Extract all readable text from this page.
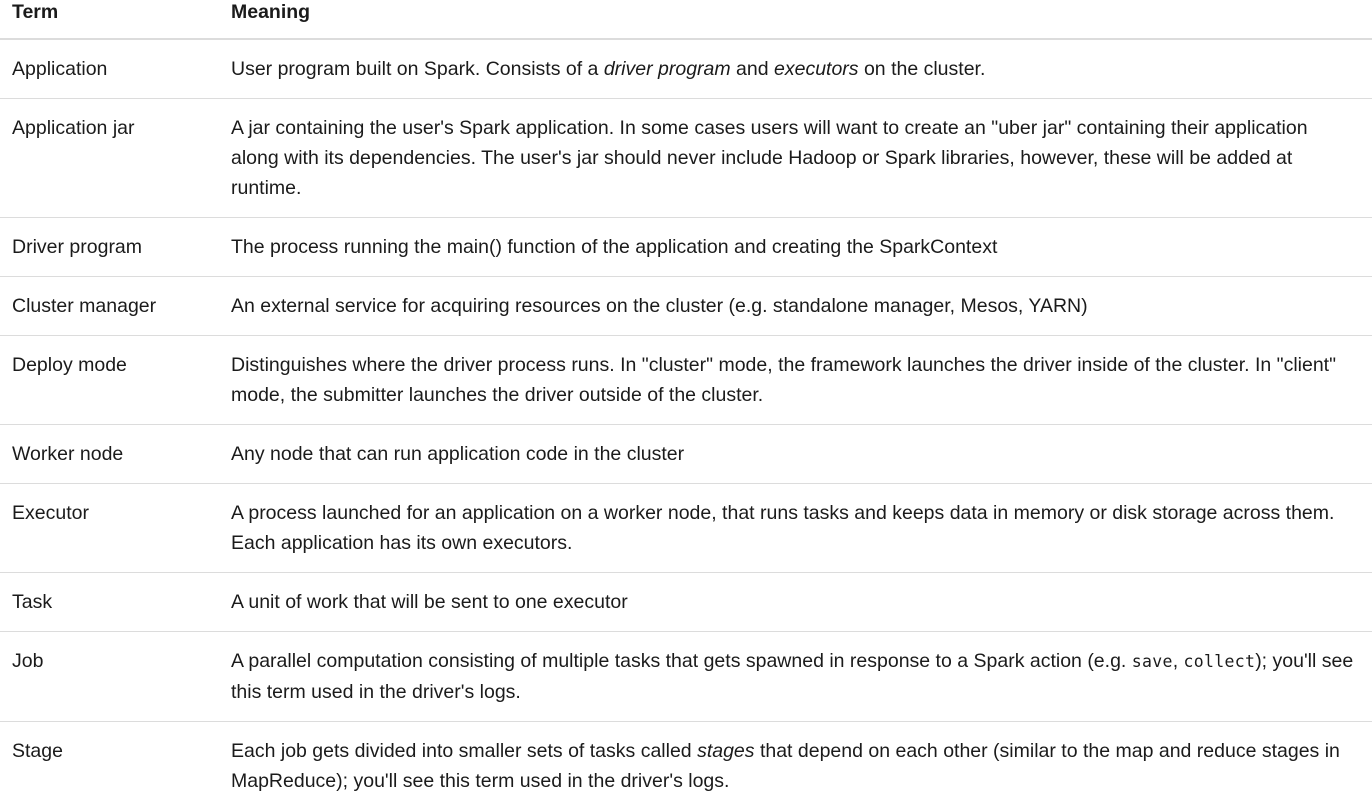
Term	Meaning
Application	User program built on Spark. Consists of a driver program and executors on the cluster.
Application jar	A jar containing the user's Spark application. In some cases users will want to create an "uber jar" containing their application along with its dependencies. The user's jar should never include Hadoop or Spark libraries, however, these will be added at runtime.
Driver program	The process running the main() function of the application and creating the SparkContext
Cluster manager	An external service for acquiring resources on the cluster (e.g. standalone manager, Mesos, YARN)
Deploy mode	Distinguishes where the driver process runs. In "cluster" mode, the framework launches the driver inside of the cluster. In "client" mode, the submitter launches the driver outside of the cluster.
Worker node	Any node that can run application code in the cluster
Executor	A process launched for an application on a worker node, that runs tasks and keeps data in memory or disk storage across them. Each application has its own executors.
Task	A unit of work that will be sent to one executor
Job	A parallel computation consisting of multiple tasks that gets spawned in response to a Spark action (e.g. save, collect); you'll see this term used in the driver's logs.
Stage	Each job gets divided into smaller sets of tasks called stages that depend on each other (similar to the map and reduce stages in MapReduce); you'll see this term used in the driver's logs.
